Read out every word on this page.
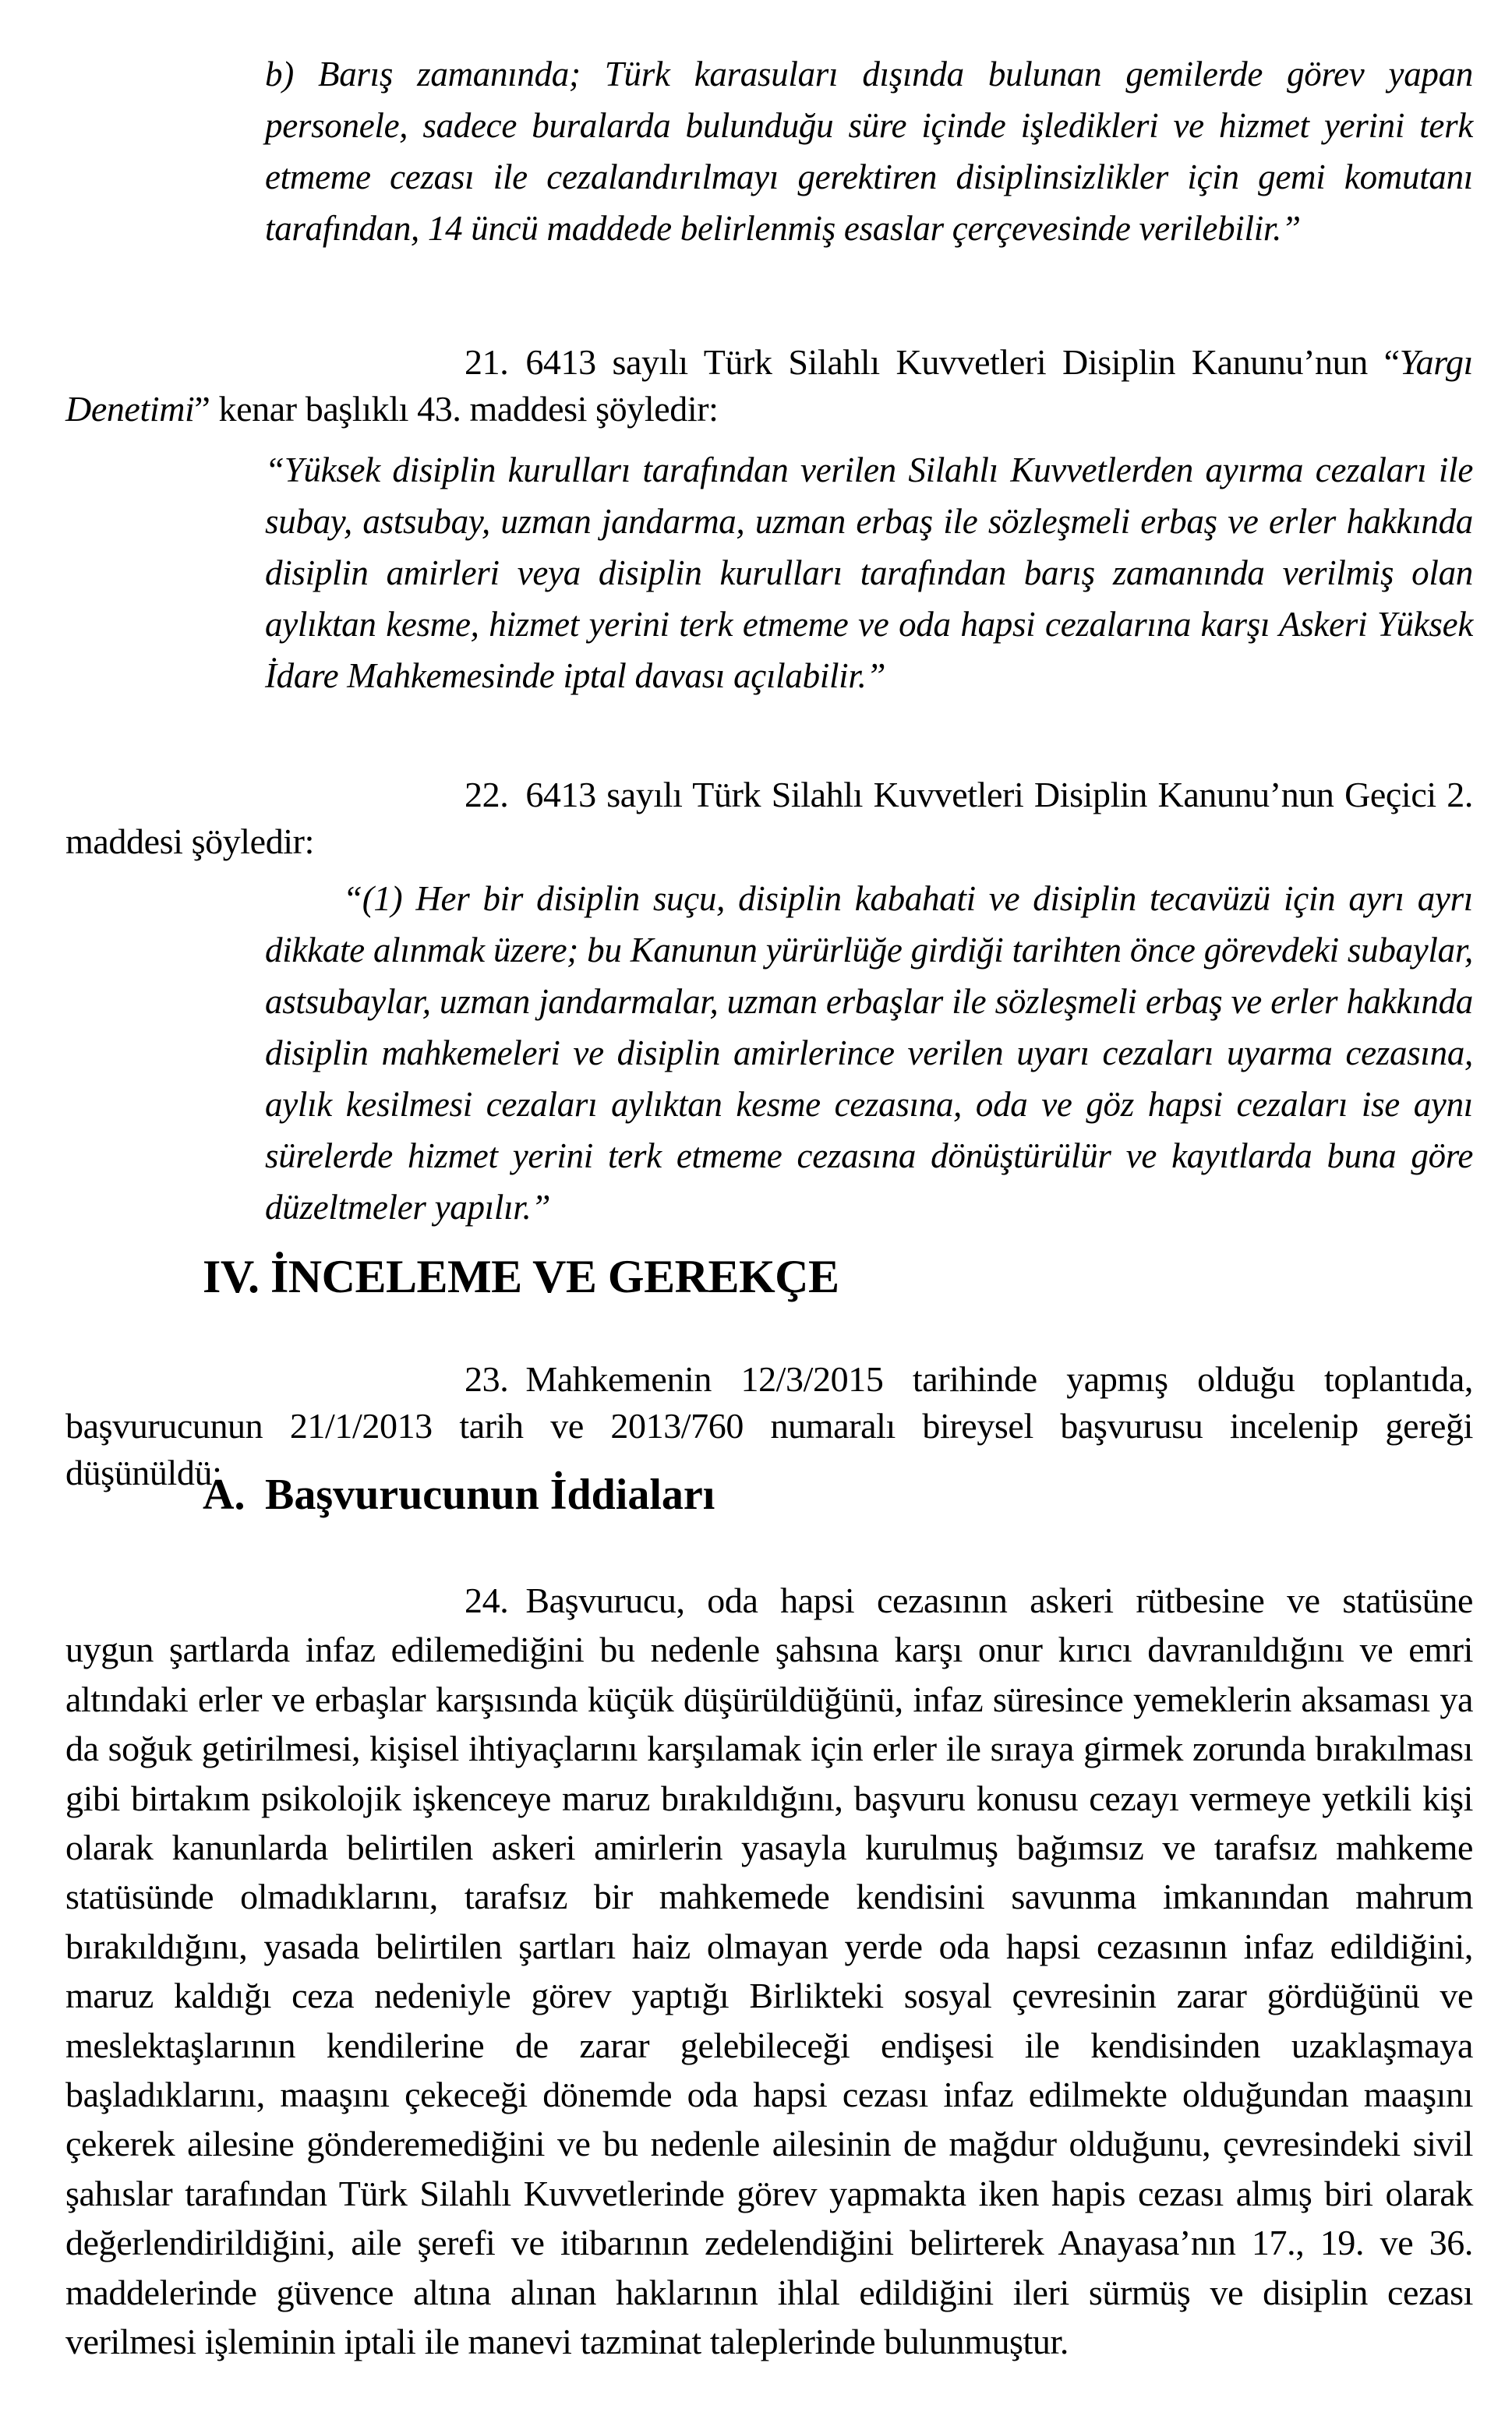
b) Barış zamanında; Türk karasuları dışında bulunan gemilerde görev yapan personele, sadece buralarda bulunduğu süre içinde işledikleri ve hizmet yerini terk etmeme cezası ile cezalandırılmayı gerektiren disiplinsizlikler için gemi komutanı tarafından, 14 üncü maddede belirlenmiş esaslar çerçevesinde verilebilir.”

21. 6413 sayılı Türk Silahlı Kuvvetleri Disiplin Kanunu’nun “Yargı Denetimi” kenar başlıklı 43. maddesi şöyledir:

“Yüksek disiplin kurulları tarafından verilen Silahlı Kuvvetlerden ayırma cezaları ile subay, astsubay, uzman jandarma, uzman erbaş ile sözleşmeli erbaş ve erler hakkında disiplin amirleri veya disiplin kurulları tarafından barış zamanında verilmiş olan aylıktan kesme, hizmet yerini terk etmeme ve oda hapsi cezalarına karşı Askeri Yüksek İdare Mahkemesinde iptal davası açılabilir.”

22. 6413 sayılı Türk Silahlı Kuvvetleri Disiplin Kanunu’nun Geçici 2. maddesi şöyledir:

“(1) Her bir disiplin suçu, disiplin kabahati ve disiplin tecavüzü için ayrı ayrı dikkate alınmak üzere; bu Kanunun yürürlüğe girdiği tarihten önce görevdeki subaylar, astsubaylar, uzman jandarmalar, uzman erbaşlar ile sözleşmeli erbaş ve erler hakkında disiplin mahkemeleri ve disiplin amirlerince verilen uyarı cezaları uyarma cezasına, aylık kesilmesi cezaları aylıktan kesme cezasına, oda ve göz hapsi cezaları ise aynı sürelerde hizmet yerini terk etmeme cezasına dönüştürülür ve kayıtlarda buna göre düzeltmeler yapılır.”

IV. İNCELEME VE GEREKÇE

23. Mahkemenin 12/3/2015 tarihinde yapmış olduğu toplantıda, başvurucunun 21/1/2013 tarih ve 2013/760 numaralı bireysel başvurusu incelenip gereği düşünüldü:

A. Başvurucunun İddiaları

24. Başvurucu, oda hapsi cezasının askeri rütbesine ve statüsüne uygun şartlarda infaz edilemediğini bu nedenle şahsına karşı onur kırıcı davranıldığını ve emri altındaki erler ve erbaşlar karşısında küçük düşürüldüğünü, infaz süresince yemeklerin aksaması ya da soğuk getirilmesi, kişisel ihtiyaçlarını karşılamak için erler ile sıraya girmek zorunda bırakılması gibi birtakım psikolojik işkenceye maruz bırakıldığını, başvuru konusu cezayı vermeye yetkili kişi olarak kanunlarda belirtilen askeri amirlerin yasayla kurulmuş bağımsız ve tarafsız mahkeme statüsünde olmadıklarını, tarafsız bir mahkemede kendisini savunma imkanından mahrum bırakıldığını, yasada belirtilen şartları haiz olmayan yerde oda hapsi cezasının infaz edildiğini, maruz kaldığı ceza nedeniyle görev yaptığı Birlikteki sosyal çevresinin zarar gördüğünü ve meslektaşlarının kendilerine de zarar gelebileceği endişesi ile kendisinden uzaklaşmaya başladıklarını, maaşını çekeceği dönemde oda hapsi cezası infaz edilmekte olduğundan maaşını çekerek ailesine gönderemediğini ve bu nedenle ailesinin de mağdur olduğunu, çevresindeki sivil şahıslar tarafından Türk Silahlı Kuvvetlerinde görev yapmakta iken hapis cezası almış biri olarak değerlendirildiğini, aile şerefi ve itibarının zedelendiğini belirterek Anayasa’nın 17., 19. ve 36. maddelerinde güvence altına alınan haklarının ihlal edildiğini ileri sürmüş ve disiplin cezası verilmesi işleminin iptali ile manevi tazminat taleplerinde bulunmuştur.
